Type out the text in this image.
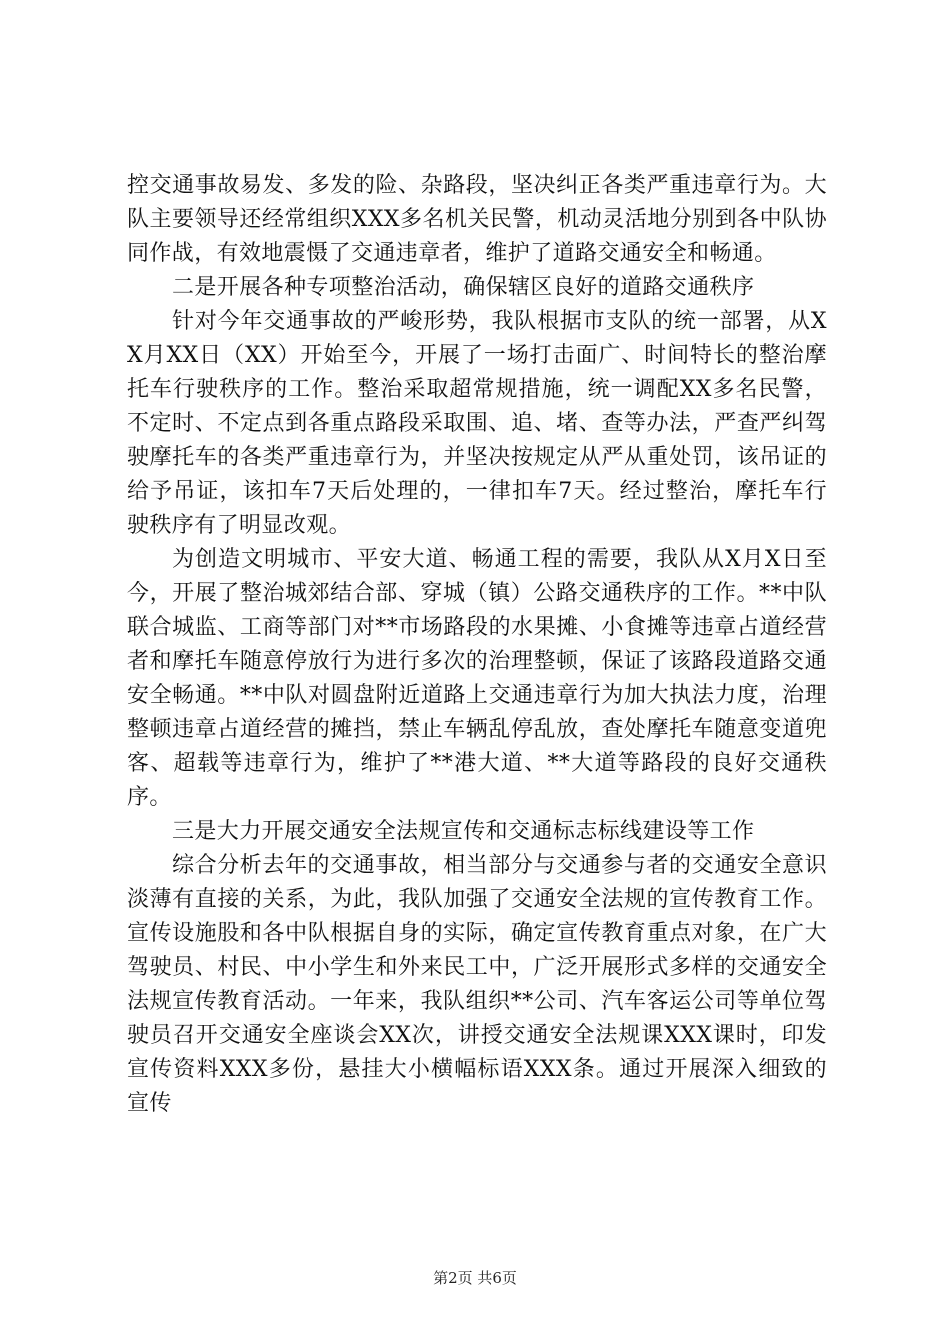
控交通事故易发、多发的险、杂路段，坚决纠正各类严重违章行为。大队主要领导还经常组织XXX多名机关民警，机动灵活地分别到各中队协同作战，有效地震慑了交通违章者，维护了道路交通安全和畅通。

二是开展各种专项整治活动，确保辖区良好的道路交通秩序

针对今年交通事故的严峻形势，我队根据市支队的统一部署，从XX月XX日（XX）开始至今，开展了一场打击面广、时间特长的整治摩托车行驶秩序的工作。整治采取超常规措施，统一调配XX多名民警，不定时、不定点到各重点路段采取围、追、堵、查等办法，严查严纠驾驶摩托车的各类严重违章行为，并坚决按规定从严从重处罚，该吊证的给予吊证，该扣车7天后处理的，一律扣车7天。经过整治，摩托车行驶秩序有了明显改观。

为创造文明城市、平安大道、畅通工程的需要，我队从X月X日至今，开展了整治城郊结合部、穿城（镇）公路交通秩序的工作。**中队联合城监、工商等部门对**市场路段的水果摊、小食摊等违章占道经营者和摩托车随意停放行为进行多次的治理整顿，保证了该路段道路交通安全畅通。**中队对圆盘附近道路上交通违章行为加大执法力度，治理整顿违章占道经营的摊挡，禁止车辆乱停乱放，查处摩托车随意变道兜客、超载等违章行为，维护了**港大道、**大道等路段的良好交通秩序。

三是大力开展交通安全法规宣传和交通标志标线建设等工作

综合分析去年的交通事故，相当部分与交通参与者的交通安全意识淡薄有直接的关系，为此，我队加强了交通安全法规的宣传教育工作。宣传设施股和各中队根据自身的实际，确定宣传教育重点对象，在广大驾驶员、村民、中小学生和外来民工中，广泛开展形式多样的交通安全法规宣传教育活动。一年来，我队组织**公司、汽车客运公司等单位驾驶员召开交通安全座谈会XX次，讲授交通安全法规课XXX课时，印发宣传资料XXX多份，悬挂大小横幅标语XXX条。通过开展深入细致的宣传

第2页 共6页
